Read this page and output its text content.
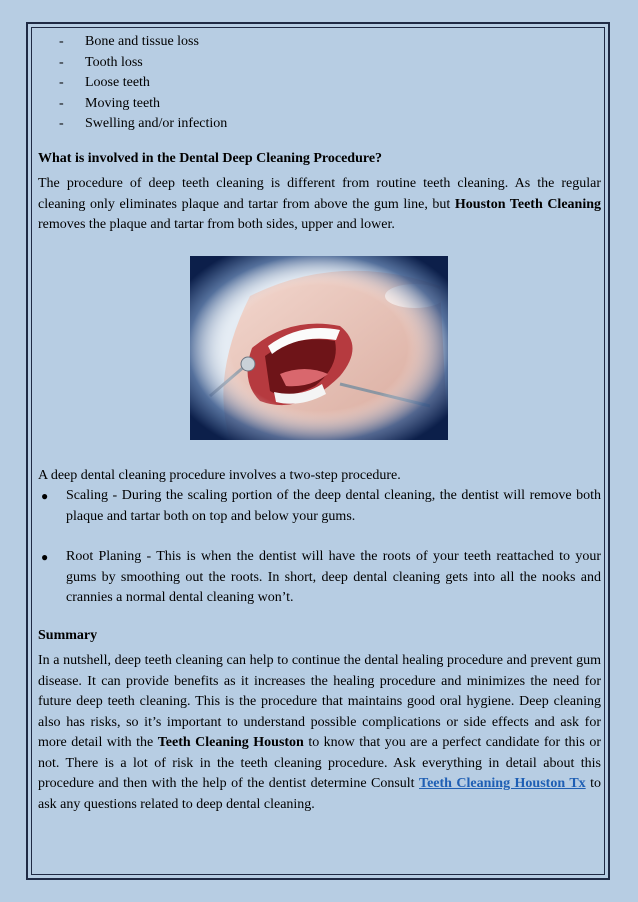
- Bone and tissue loss
- Tooth loss
- Loose teeth
- Moving teeth
- Swelling and/or infection
What is involved in the Dental Deep Cleaning Procedure?

The procedure of deep teeth cleaning is different from routine teeth cleaning. As the regular cleaning only eliminates plaque and tartar from above the gum line, but Houston Teeth Cleaning removes the plaque and tartar from both sides, upper and lower.

A deep dental cleaning procedure involves a two-step procedure.

● Scaling - During the scaling portion of the deep dental cleaning, the dentist will remove both plaque and tartar both on top and below your gums.
● Root Planing - This is when the dentist will have the roots of your teeth reattached to your gums by smoothing out the roots. In short, deep dental cleaning gets into all the nooks and crannies a normal dental cleaning won’t.
Summary

In a nutshell, deep teeth cleaning can help to continue the dental healing procedure and prevent gum disease. It can provide benefits as it increases the healing procedure and minimizes the need for future deep teeth cleaning. This is the procedure that maintains good oral hygiene. Deep cleaning also has risks, so it’s important to understand possible complications or side effects and ask for more detail with the Teeth Cleaning Houston to know that you are a perfect candidate for this or not. There is a lot of risk in the teeth cleaning procedure. Ask everything in detail about this procedure and then with the help of the dentist determine Consult Teeth Cleaning Houston Tx to ask any questions related to deep dental cleaning.
